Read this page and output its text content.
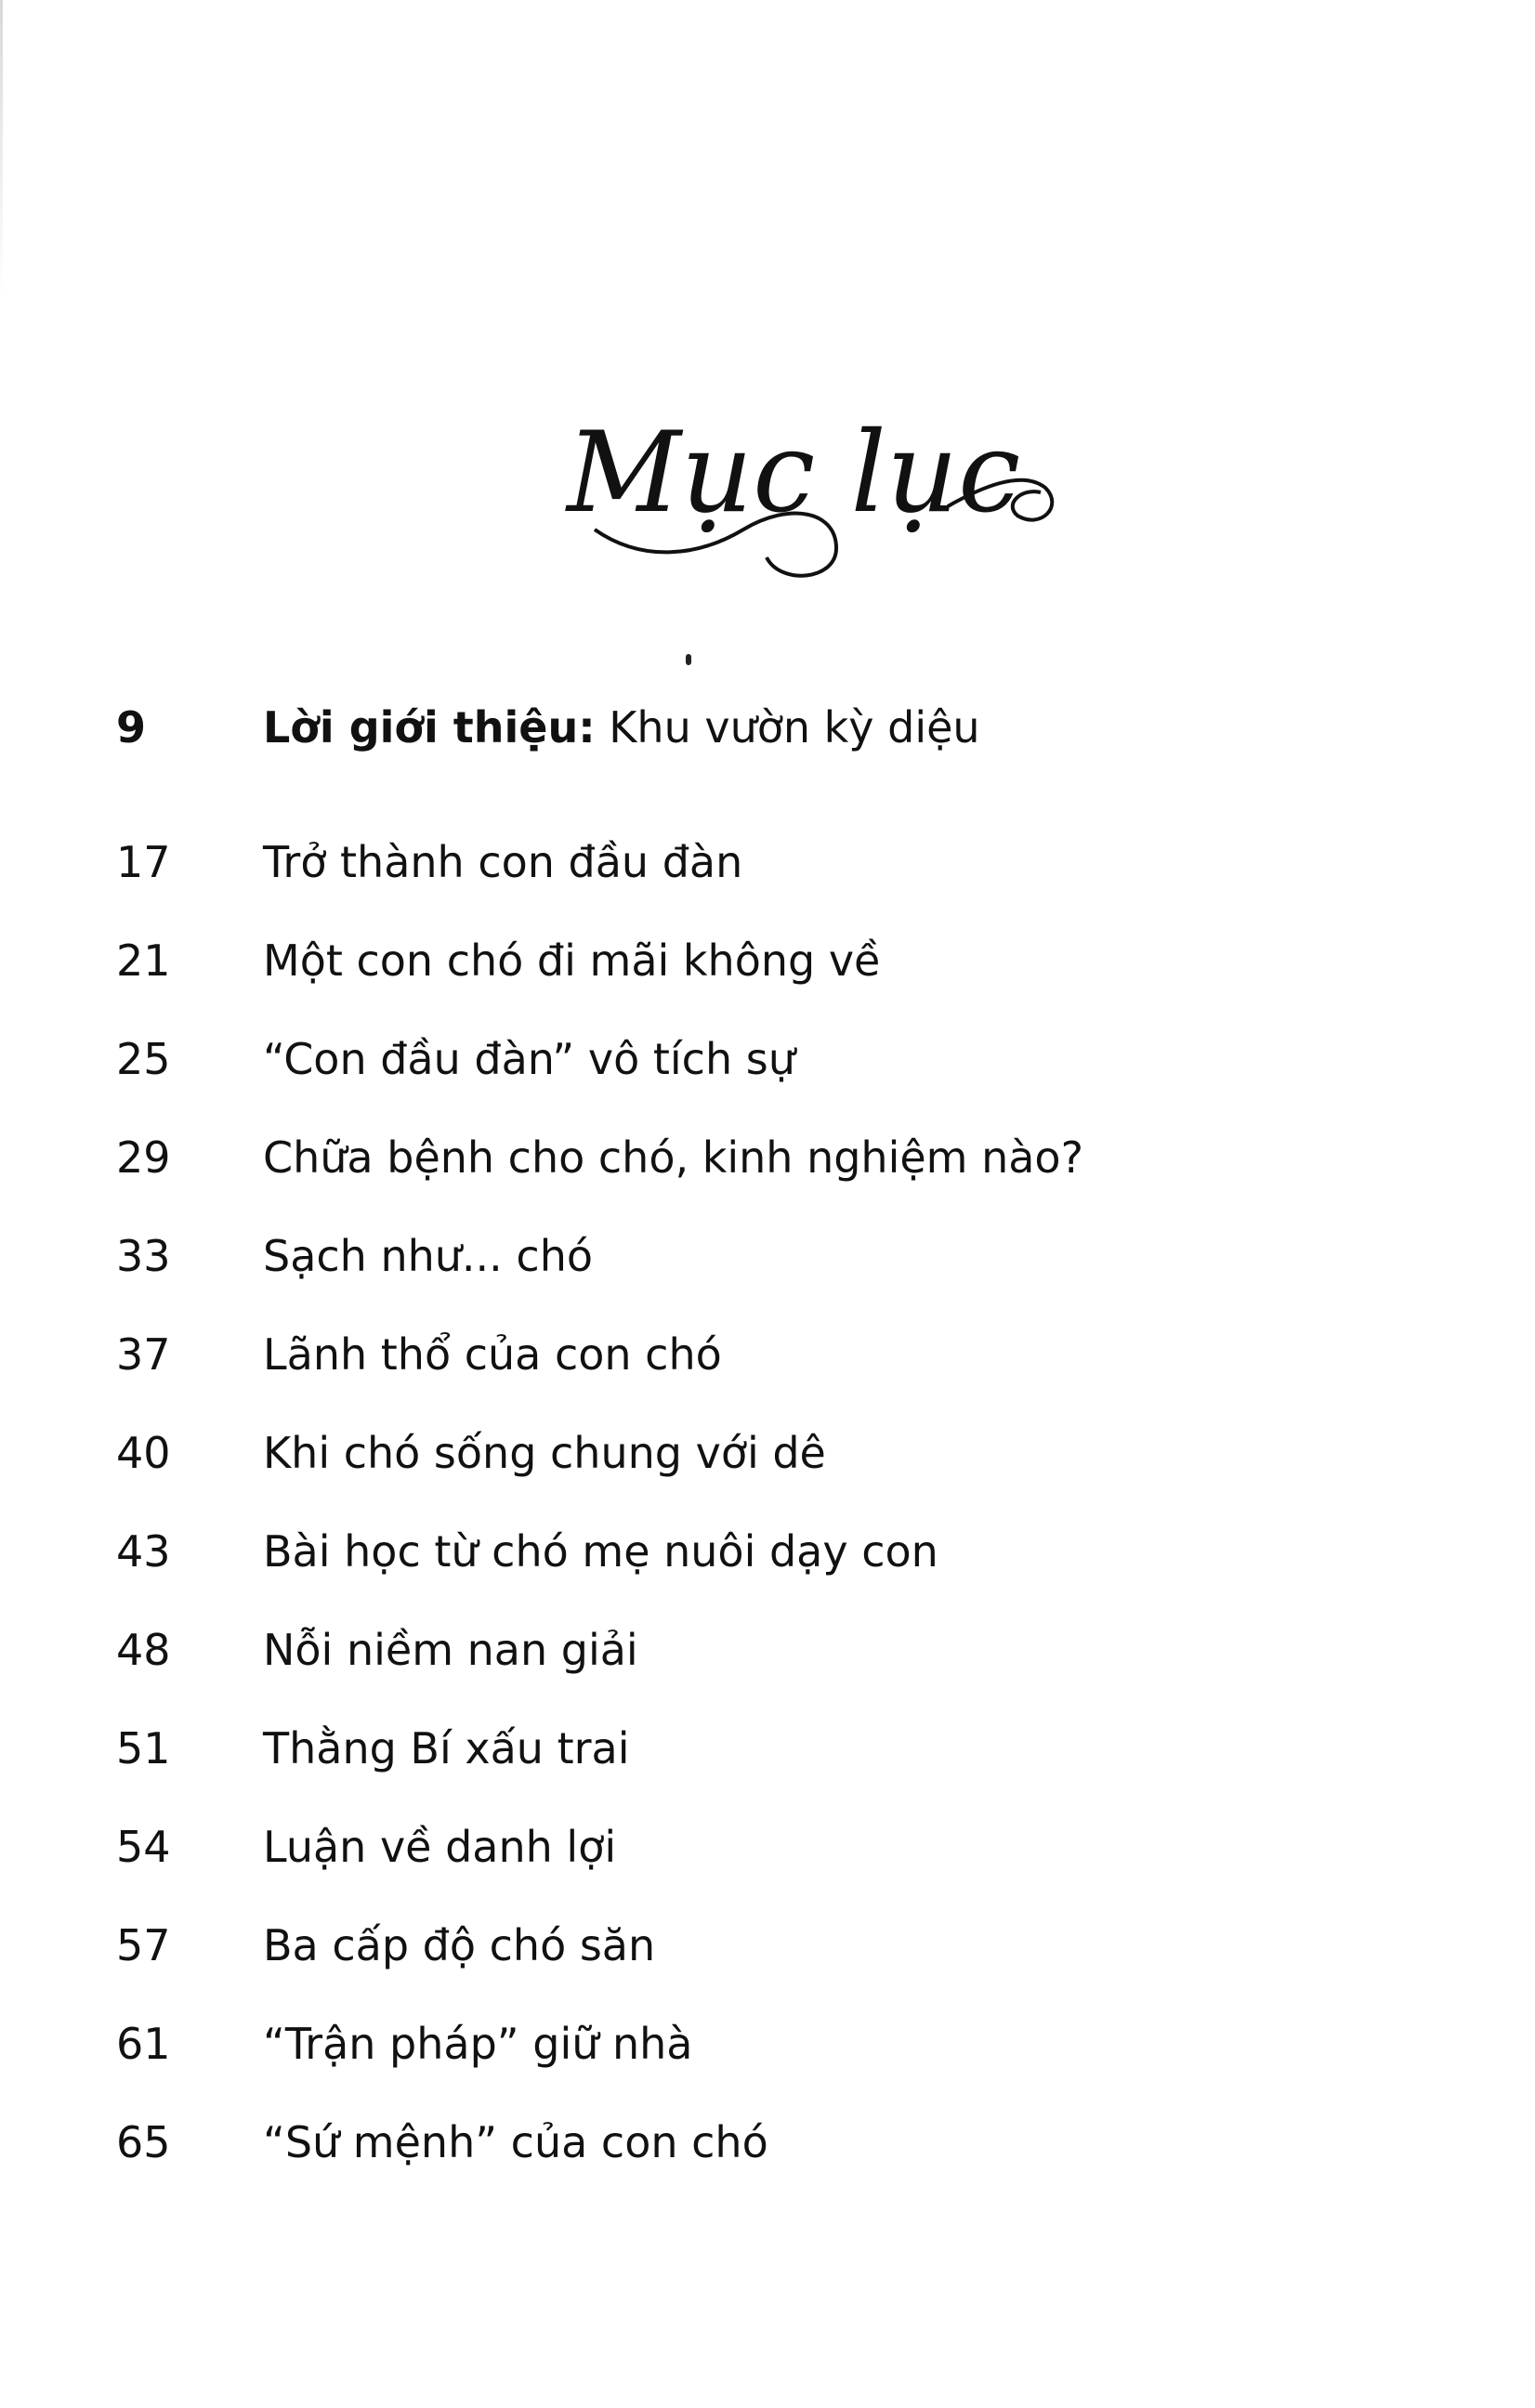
Mục lục
9	Lời giới thiệu: Khu vườn kỳ diệu
17	Trở thành con đầu đàn
21	Một con chó đi mãi không về
25	“Con đầu đàn” vô tích sự
29	Chữa bệnh cho chó, kinh nghiệm nào?
33	Sạch như... chó
37	Lãnh thổ của con chó
40	Khi chó sống chung với dê
43	Bài học từ chó mẹ nuôi dạy con
48	Nỗi niềm nan giải
51	Thằng Bí xấu trai
54	Luận về danh lợi
57	Ba cấp độ chó săn
61	“Trận pháp” giữ nhà
65	“Sứ mệnh” của con chó
